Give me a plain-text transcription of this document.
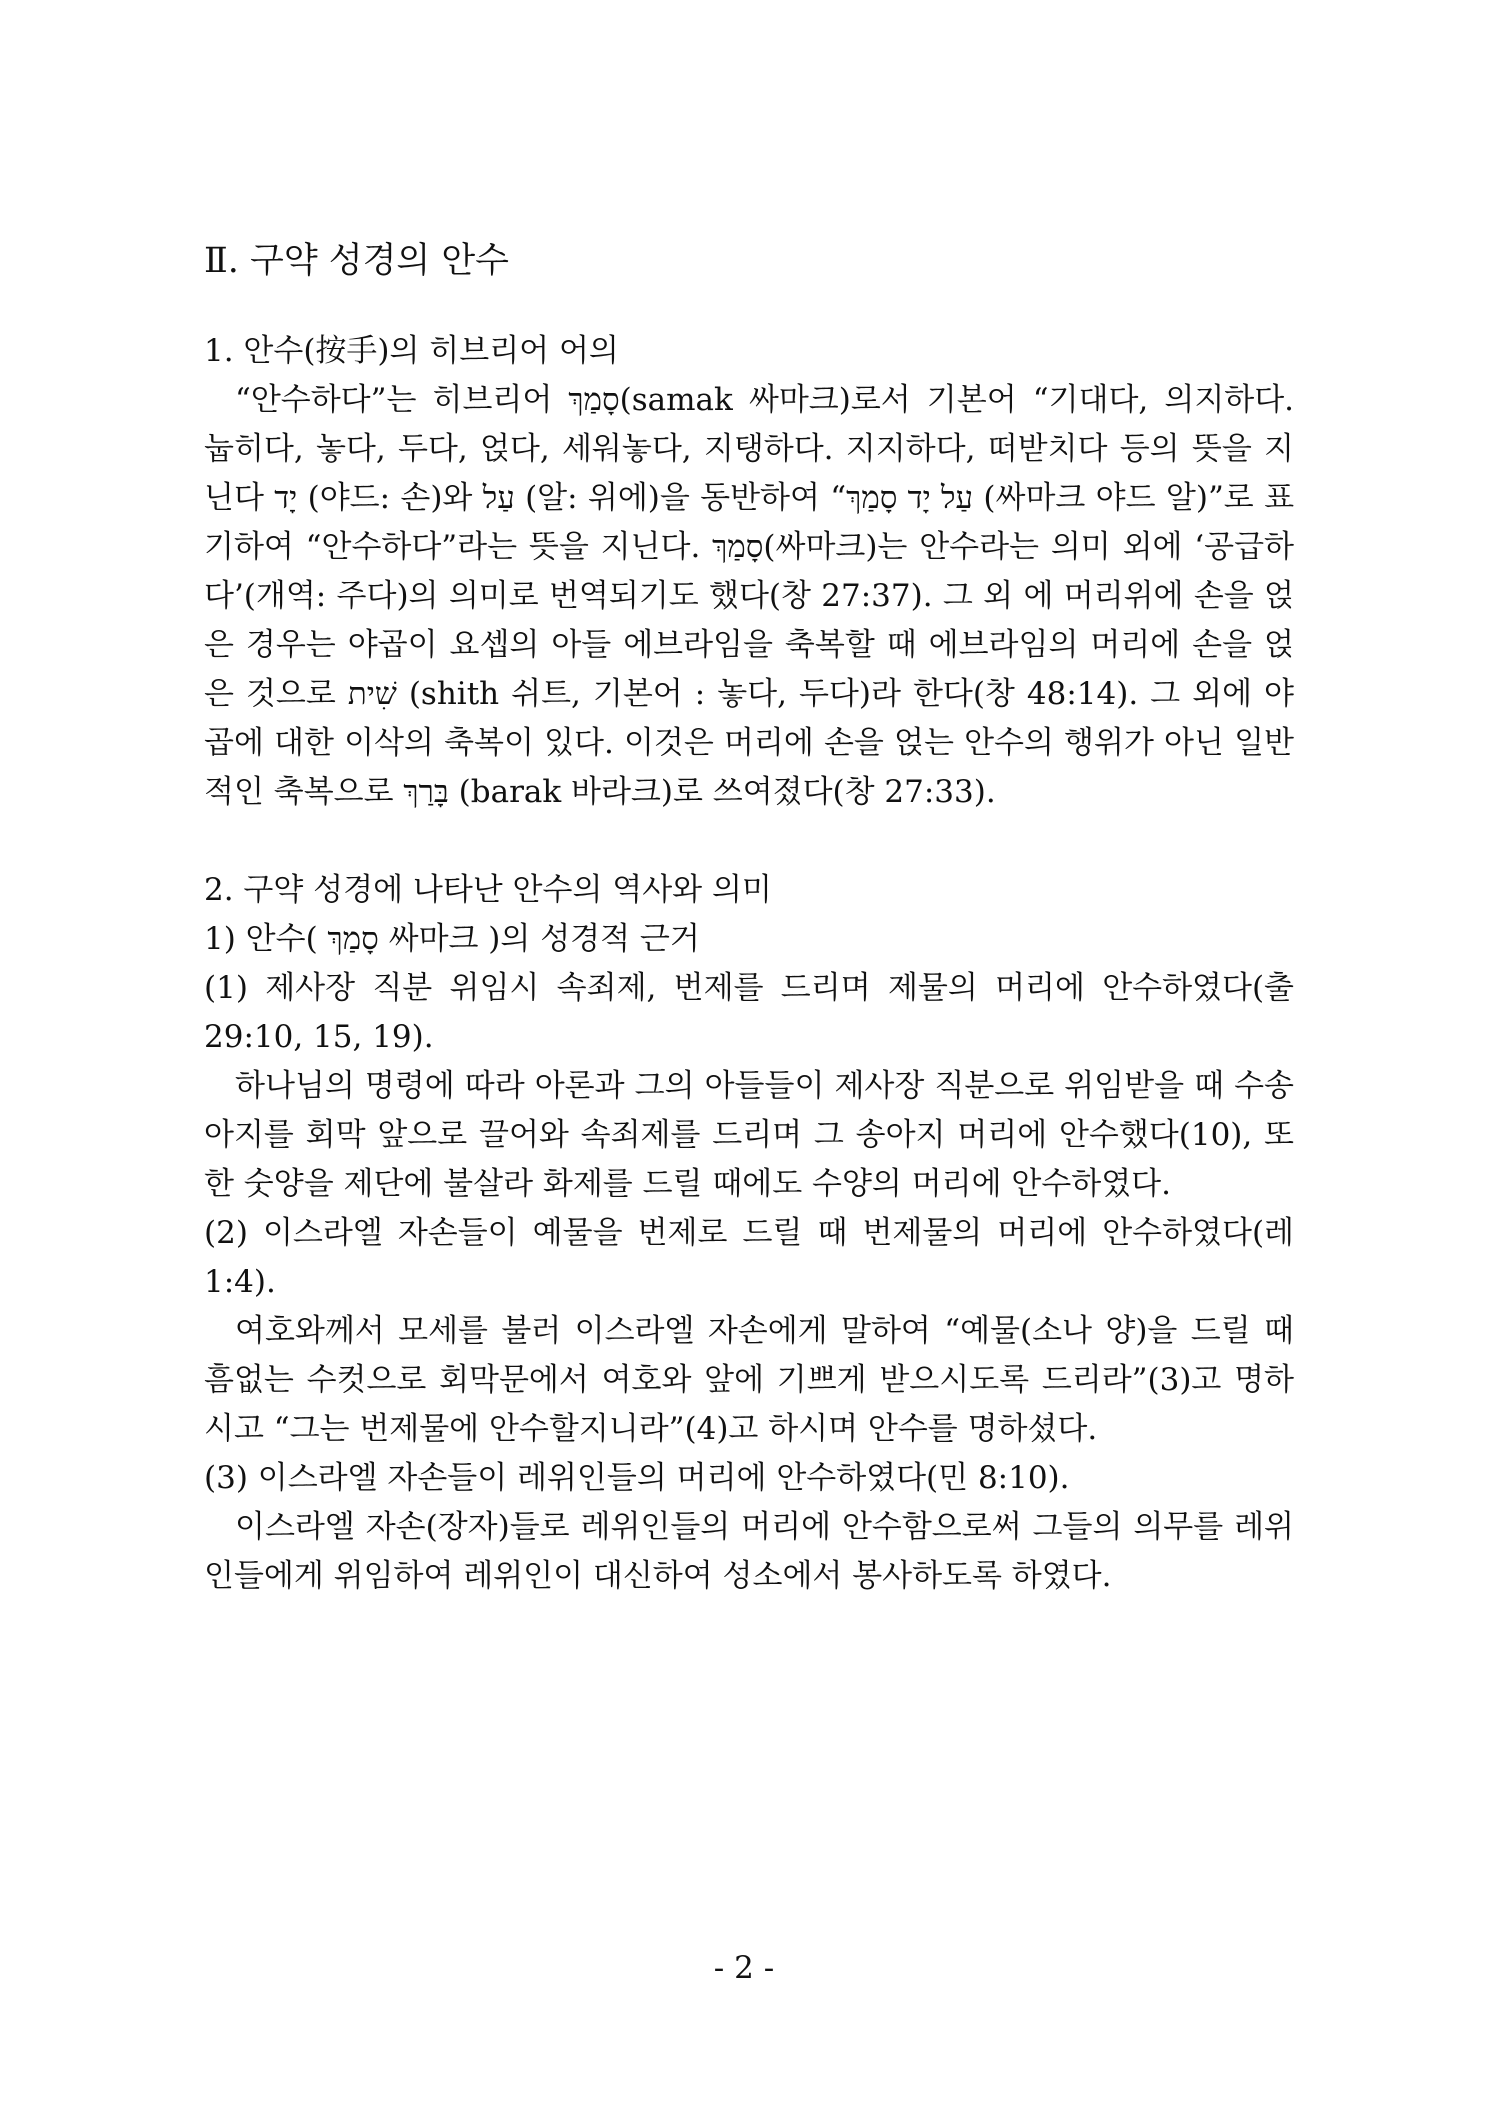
Ⅱ. 구약 성경의 안수

1. 안수(按手)의 히브리어 어의

“안수하다”는 히브리어 סָמַךְ(samak 싸마크)로서 기본어 “기대다, 의지하다. 눕히다, 놓다, 두다, 얹다, 세워놓다, 지탱하다. 지지하다, 떠받치다 등의 뜻을 지닌다 יָד (야드: 손)와 עַל (알: 위에)을 동반하여 “עַל יָד סָמַךְ (싸마크 야드 알)”로 표기하여 “안수하다”라는 뜻을 지닌다. סָמַךְ(싸마크)는 안수라는 의미 외에 ‘공급하다’(개역: 주다)의 의미로 번역되기도 했다(창 27:37). 그 외 에 머리위에 손을 얹은 경우는 야곱이 요셉의 아들 에브라임을 축복할 때 에브라임의 머리에 손을 얹은 것으로 שִׁית (shith 쉬트, 기본어 : 놓다, 두다)라 한다(창 48:14). 그 외에 야곱에 대한 이삭의 축복이 있다. 이것은 머리에 손을 얹는 안수의 행위가 아닌 일반적인 축복으로 בָּרַךְ (barak 바라크)로 쓰여졌다(창 27:33).

2. 구약 성경에 나타난 안수의 역사와 의미

1) 안수( סָמַךְ 싸마크 )의 성경적 근거

(1) 제사장 직분 위임시 속죄제, 번제를 드리며 제물의 머리에 안수하였다(출 29:10, 15, 19).

하나님의 명령에 따라 아론과 그의 아들들이 제사장 직분으로 위임받을 때 수송아지를 회막 앞으로 끌어와 속죄제를 드리며 그 송아지 머리에 안수했다(10), 또한 숫양을 제단에 불살라 화제를 드릴 때에도 수양의 머리에 안수하였다.

(2) 이스라엘 자손들이 예물을 번제로 드릴 때 번제물의 머리에 안수하였다(레 1:4).

여호와께서 모세를 불러 이스라엘 자손에게 말하여 “예물(소나 양)을 드릴 때 흠없는 수컷으로 회막문에서 여호와 앞에 기쁘게 받으시도록 드리라”(3)고 명하시고 “그는 번제물에 안수할지니라”(4)고 하시며 안수를 명하셨다.

(3) 이스라엘 자손들이 레위인들의 머리에 안수하였다(민 8:10).

이스라엘 자손(장자)들로 레위인들의 머리에 안수함으로써 그들의 의무를 레위인들에게 위임하여 레위인이 대신하여 성소에서 봉사하도록 하였다.

- 2 -
